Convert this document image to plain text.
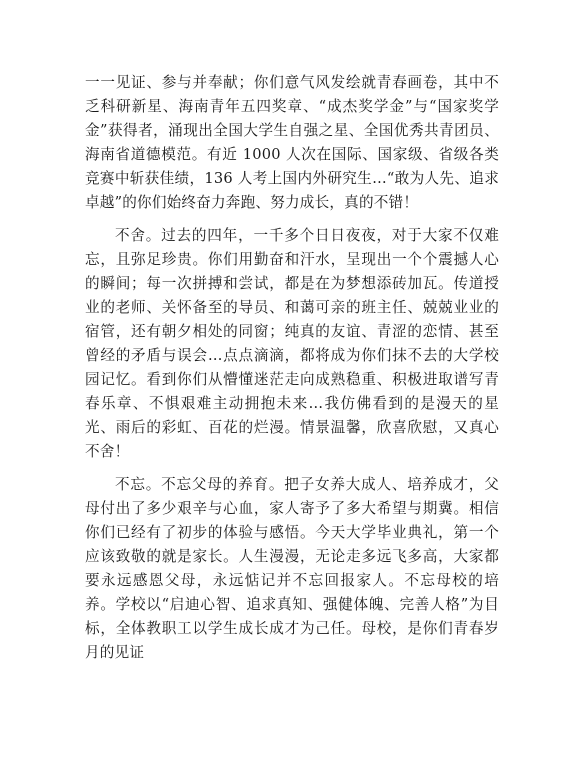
一一见证、参与并奉献；你们意气风发绘就青春画卷，其中不乏科研新星、海南青年五四奖章、“成杰奖学金”与“国家奖学金”获得者，涌现出全国大学生自强之星、全国优秀共青团员、海南省道德模范。有近 1000 人次在国际、国家级、省级各类竞赛中斩获佳绩，136 人考上国内外研究生…“敢为人先、追求卓越”的你们始终奋力奔跑、努力成长，真的不错！

不舍。过去的四年，一千多个日日夜夜，对于大家不仅难忘，且弥足珍贵。你们用勤奋和汗水，呈现出一个个震撼人心的瞬间；每一次拼搏和尝试，都是在为梦想添砖加瓦。传道授业的老师、关怀备至的导员、和蔼可亲的班主任、兢兢业业的宿管，还有朝夕相处的同窗；纯真的友谊、青涩的恋情、甚至曾经的矛盾与误会…点点滴滴，都将成为你们抹不去的大学校园记忆。看到你们从懵懂迷茫走向成熟稳重、积极进取谱写青春乐章、不惧艰难主动拥抱未来…我仿佛看到的是漫天的星光、雨后的彩虹、百花的烂漫。情景温馨，欣喜欣慰，又真心不舍！

不忘。不忘父母的养育。把子女养大成人、培养成才，父母付出了多少艰辛与心血，家人寄予了多大希望与期冀。相信你们已经有了初步的体验与感悟。今天大学毕业典礼，第一个应该致敬的就是家长。人生漫漫，无论走多远飞多高，大家都要永远感恩父母，永远惦记并不忘回报家人。不忘母校的培养。学校以“启迪心智、追求真知、强健体魄、完善人格”为目标，全体教职工以学生成长成才为己任。母校，是你们青春岁月的见证
